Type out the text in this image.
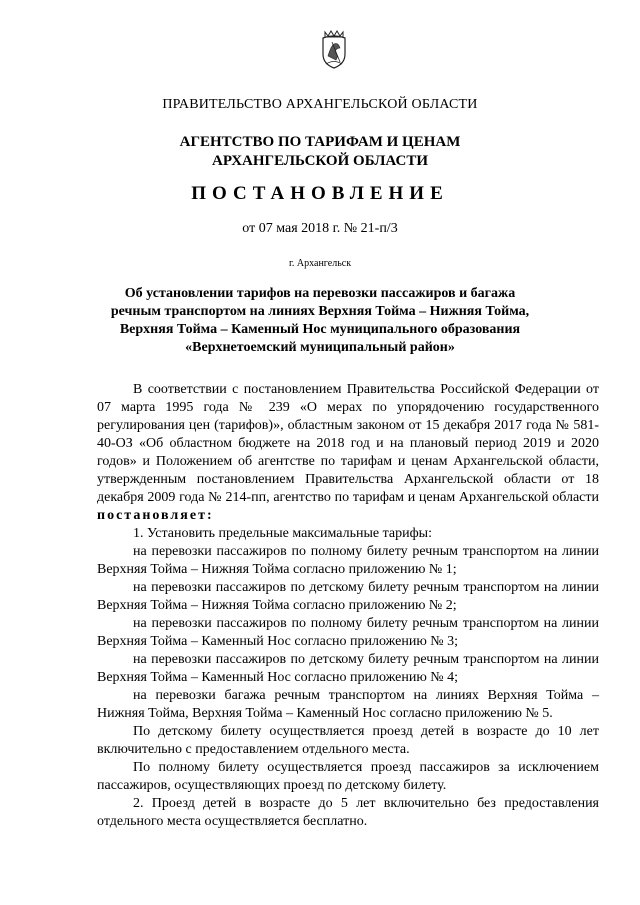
ПРАВИТЕЛЬСТВО АРХАНГЕЛЬСКОЙ ОБЛАСТИ
АГЕНТСТВО ПО ТАРИФАМ И ЦЕНАМ
АРХАНГЕЛЬСКОЙ ОБЛАСТИ
ПОСТАНОВЛЕНИЕ
от 07 мая 2018 г. № 21-п/3
г. Архангельск
Об установлении тарифов на перевозки пассажиров и багажа
речным транспортом на линиях Верхняя Тойма – Нижняя Тойма,
Верхняя Тойма – Каменный Нос муниципального образования
«Верхнетоемский муниципальный район»

В соответствии с постановлением Правительства Российской Федерации от 07 марта 1995 года № 239 «О мерах по упорядочению государственного регулирования цен (тарифов)», областным законом от 15 декабря 2017 года № 581-40-ОЗ «Об областном бюджете на 2018 год и на плановый период 2019 и 2020 годов» и Положением об агентстве по тарифам и ценам Архангельской области, утвержденным постановлением Правительства Архангельской области от 18 декабря 2009 года № 214-пп, агентство по тарифам и ценам Архангельской области постановляет:

1. Установить предельные максимальные тарифы:

на перевозки пассажиров по полному билету речным транспортом на линии Верхняя Тойма – Нижняя Тойма согласно приложению № 1;

на перевозки пассажиров по детскому билету речным транспортом на линии Верхняя Тойма – Нижняя Тойма согласно приложению № 2;

на перевозки пассажиров по полному билету речным транспортом на линии Верхняя Тойма – Каменный Нос согласно приложению № 3;

на перевозки пассажиров по детскому билету речным транспортом на линии Верхняя Тойма – Каменный Нос согласно приложению № 4;

на перевозки багажа речным транспортом на линиях Верхняя Тойма – Нижняя Тойма, Верхняя Тойма – Каменный Нос согласно приложению № 5.

По детскому билету осуществляется проезд детей в возрасте до 10 лет включительно с предоставлением отдельного места.

По полному билету осуществляется проезд пассажиров за исключением пассажиров, осуществляющих проезд по детскому билету.

2. Проезд детей в возрасте до 5 лет включительно без предоставления отдельного места осуществляется бесплатно.
